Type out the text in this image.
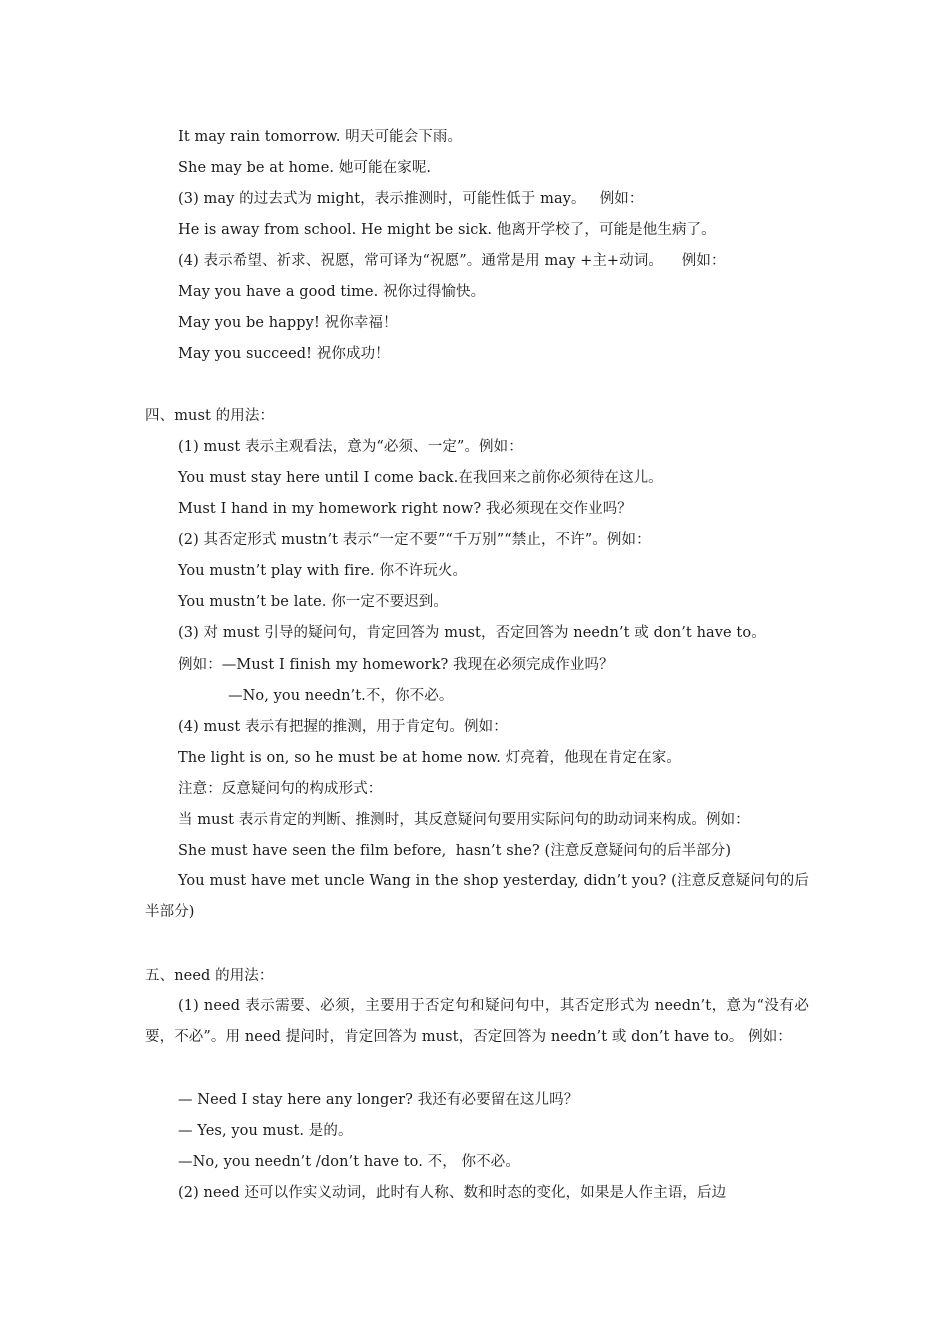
It may rain tomorrow. 明天可能会下雨。
She may be at home. 她可能在家呢.
(3) may 的过去式为 might，表示推测时，可能性低于 may。   例如：
He is away from school. He might be sick. 他离开学校了，可能是他生病了。
(4) 表示希望、祈求、祝愿，常可译为“祝愿”。通常是用 may +主+动词。    例如：
May you have a good time. 祝你过得愉快。
May you be happy! 祝你幸福！
May you succeed! 祝你成功！
四、must 的用法：
(1) must 表示主观看法，意为“必须、一定”。例如：
You must stay here until I come back.在我回来之前你必须待在这儿。
Must I hand in my homework right now? 我必须现在交作业吗？
(2) 其否定形式 mustn’t 表示“一定不要”“千万别”“禁止，不许”。例如：
You mustn’t play with fire. 你不许玩火。
You mustn’t be late. 你一定不要迟到。
(3) 对 must 引导的疑问句，肯定回答为 must，否定回答为 needn’t 或 don’t have to。
例如：—Must I finish my homework? 我现在必须完成作业吗？
—No, you needn’t.不，你不必。
(4) must 表示有把握的推测，用于肯定句。例如：
The light is on, so he must be at home now. 灯亮着，他现在肯定在家。
注意：反意疑问句的构成形式：
当 must 表示肯定的判断、推测时，其反意疑问句要用实际问句的助动词来构成。例如：
She must have seen the film before,  hasn’t she? (注意反意疑问句的后半部分)
You must have met uncle Wang in the shop yesterday, didn’t you? (注意反意疑问句的后半部分)
五、need 的用法：
(1) need 表示需要、必须，主要用于否定句和疑问句中，其否定形式为 needn’t，意为“没有必要，不必”。用 need 提问时，肯定回答为 must，否定回答为 needn’t 或 don’t have to。 例如：
— Need I stay here any longer? 我还有必要留在这儿吗？
— Yes, you must. 是的。
—No, you needn’t /don’t have to. 不， 你不必。
(2) need 还可以作实义动词，此时有人称、数和时态的变化，如果是人作主语，后边
